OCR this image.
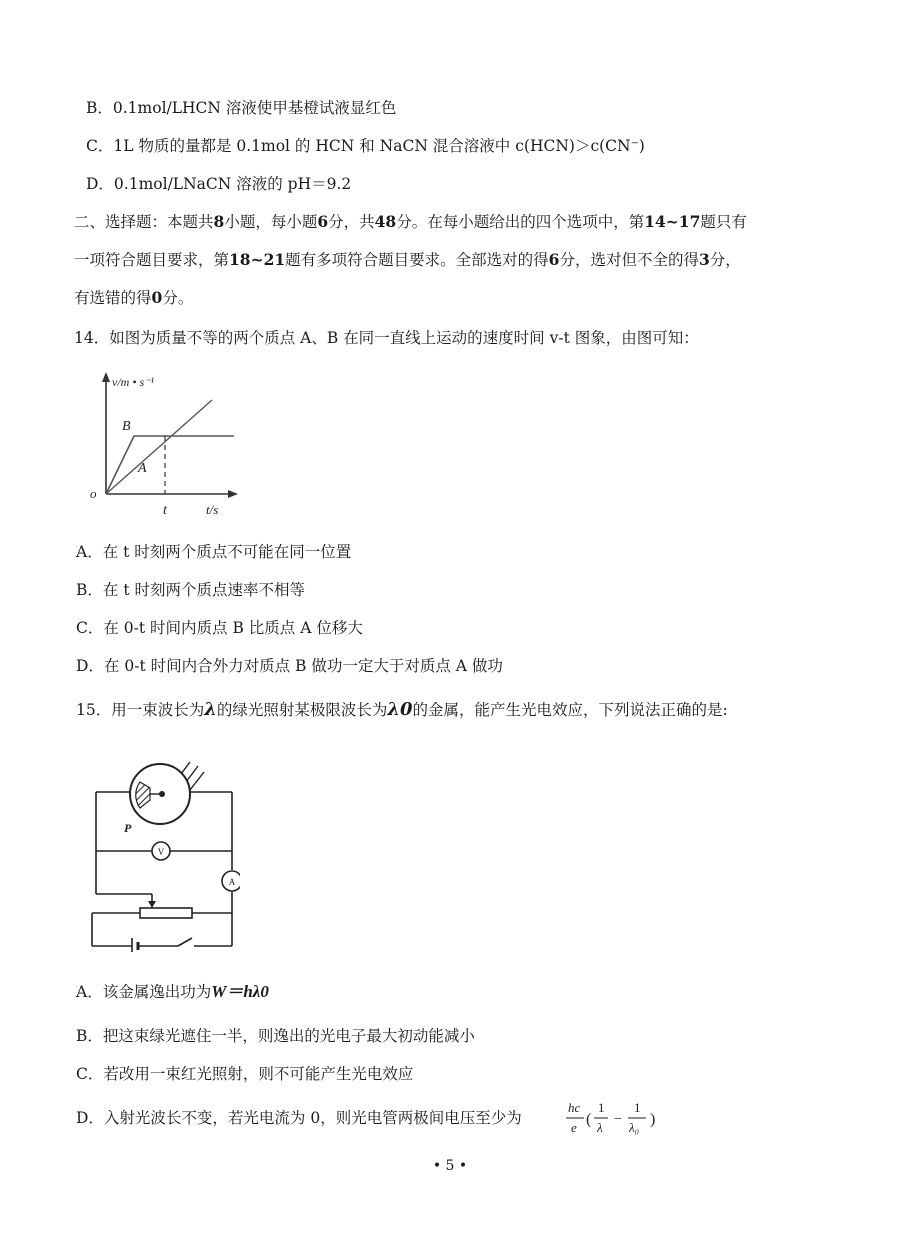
B．0.1mol/LHCN 溶液使甲基橙试液显红色
C．1L 物质的量都是 0.1mol 的 HCN 和 NaCN 混合溶液中 c(HCN)＞c(CN⁻)
D．0.1mol/LNaCN 溶液的 pH＝9.2
二、选择题：本题共8小题，每小题6分，共48分。在每小题给出的四个选项中，第14~17题只有
一项符合题目要求，第18~21题有多项符合题目要求。全部选对的得6分，选对但不全的得3分，
有选错的得0分。
14．如图为质量不等的两个质点 A、B 在同一直线上运动的速度时间 v-t 图象，由图可知：
v/m • s⁻¹
B
A
o
t	t/s
A．在 t 时刻两个质点不可能在同一位置
B．在 t 时刻两个质点速率不相等
C．在 0-t 时间内质点 B 比质点 A 位移大
D．在 0-t 时间内合外力对质点 B 做功一定大于对质点 A 做功
15．用一束波长为λ的绿光照射某极限波长为λ0的金属，能产生光电效应，下列说法正确的是:
V
A
P
A．该金属逸出功为W＝hλ0
B．把这束绿光遮住一半，则逸出的光电子最大初动能减小
C．若改用一束红光照射，则不可能产生光电效应
D．入射光波长不变，若光电流为 0，则光电管两极间电压至少为
hc
e (
1
λ
−
1
λ₀ )
• 5 •
